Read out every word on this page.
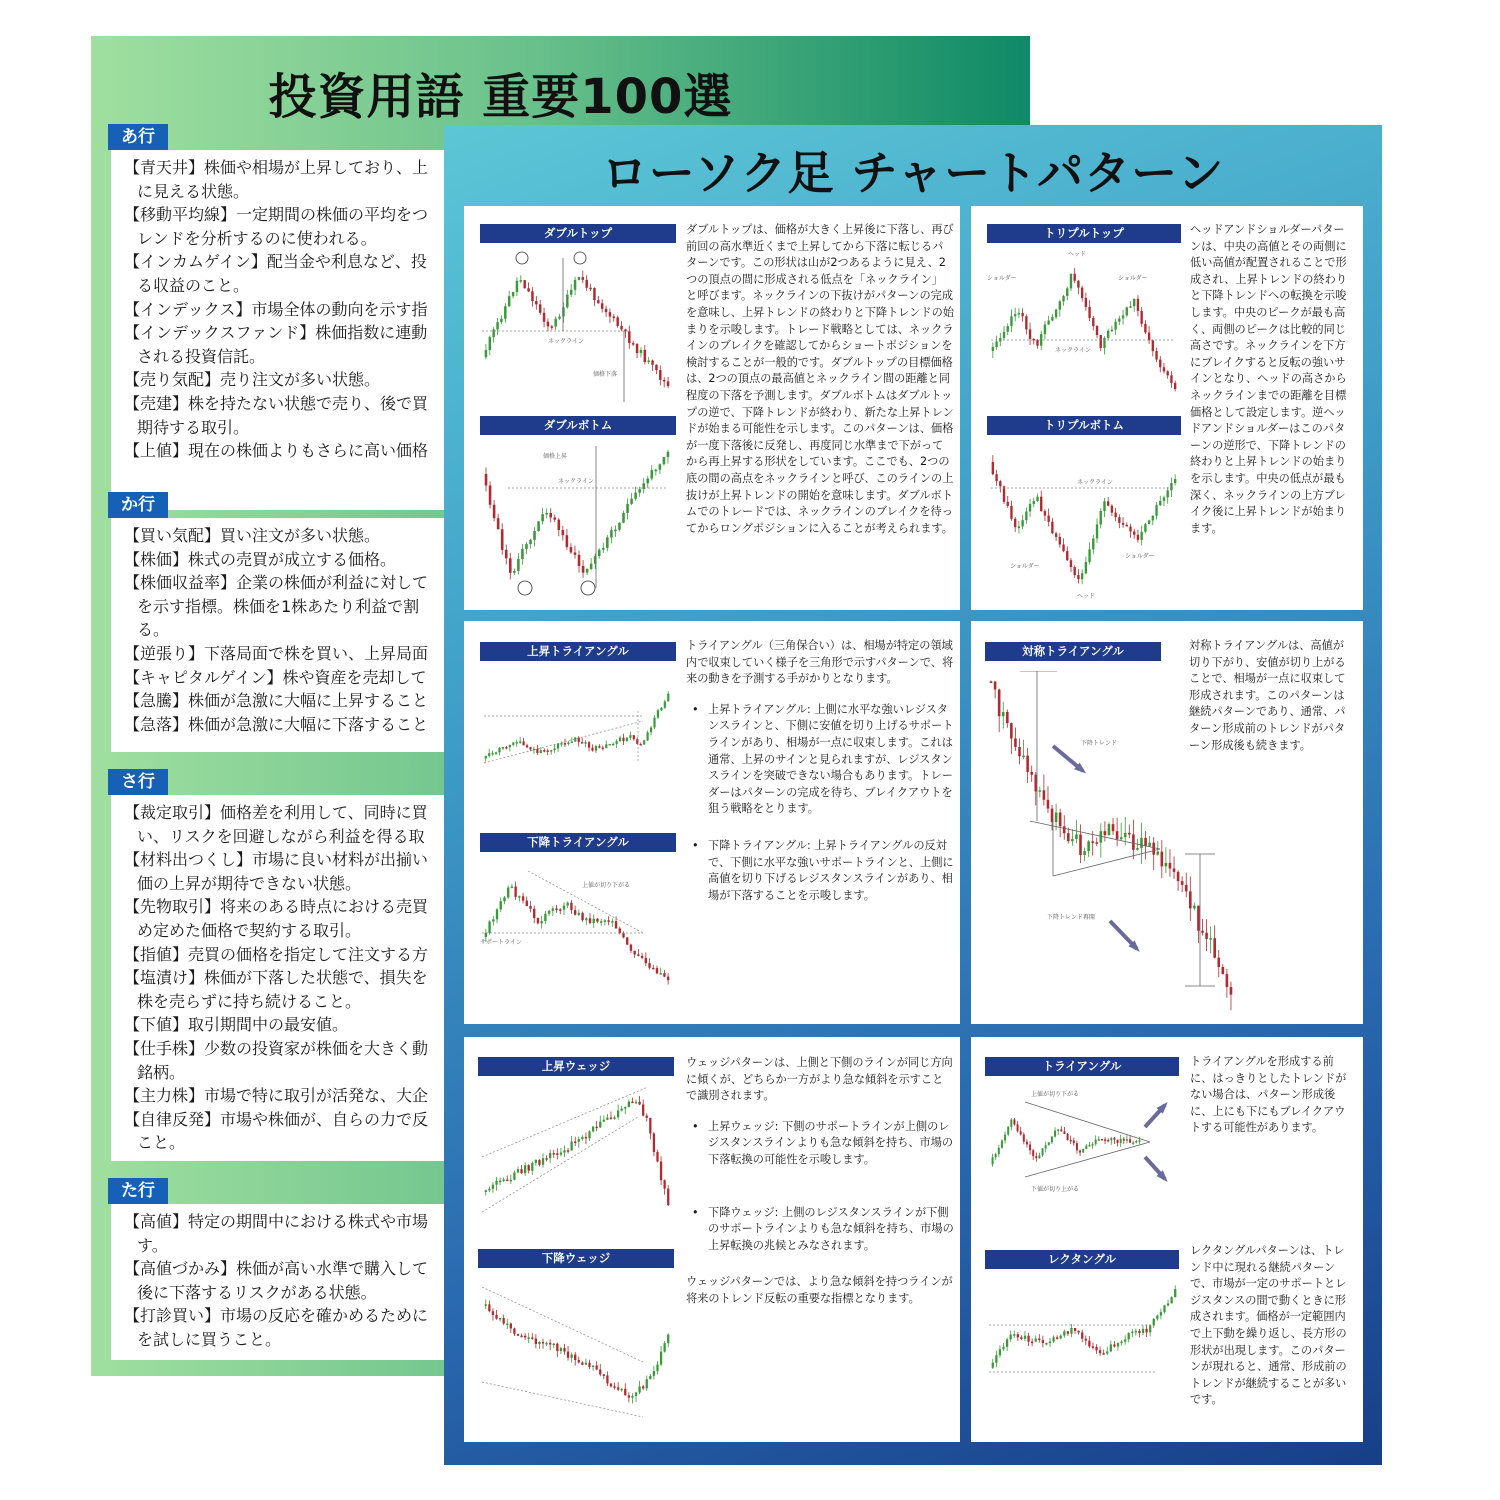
投資用語 重要100選
あ行
【青天井】株価や相場が上昇しており、上
に見える状態。
【移動平均線】一定期間の株価の平均をつ
レンドを分析するのに使われる。
【インカムゲイン】配当金や利息など、投
る収益のこと。
【インデックス】市場全体の動向を示す指
【インデックスファンド】株価指数に連動
される投資信託。
【売り気配】売り注文が多い状態。
【売建】株を持たない状態で売り、後で買
期待する取引。
【上値】現在の株価よりもさらに高い価格
か行
【買い気配】買い注文が多い状態。
【株価】株式の売買が成立する価格。
【株価収益率】企業の株価が利益に対して
を示す指標。株価を1株あたり利益で割
る。
【逆張り】下落局面で株を買い、上昇局面
【キャピタルゲイン】株や資産を売却して
【急騰】株価が急激に大幅に上昇すること
【急落】株価が急激に大幅に下落すること
さ行
【裁定取引】価格差を利用して、同時に買
い、リスクを回避しながら利益を得る取
【材料出つくし】市場に良い材料が出揃い
価の上昇が期待できない状態。
【先物取引】将来のある時点における売買
め定めた価格で契約する取引。
【指値】売買の価格を指定して注文する方
【塩漬け】株価が下落した状態で、損失を
株を売らずに持ち続けること。
【下値】取引期間中の最安値。
【仕手株】少数の投資家が株価を大きく動
銘柄。
【主力株】市場で特に取引が活発な、大企
【自律反発】市場や株価が、自らの力で反
こと。
た行
【高値】特定の期間中における株式や市場
す。
【高値づかみ】株価が高い水準で購入して
後に下落するリスクがある状態。
【打診買い】市場の反応を確かめるために
を試しに買うこと。
ローソク足 チャートパターン
ダブルトップ
ネックライン
価格下落
ダブルボトム
ネックライン
価格上昇
ダブルトップは、価格が大きく上昇後に下落し、再び前回の高水準近くまで上昇してから下落に転じるパターンです。この形状は山が2つあるように見え、2つの頂点の間に形成される低点を「ネックライン」と呼びます。ネックラインの下抜けがパターンの完成を意味し、上昇トレンドの終わりと下降トレンドの始まりを示唆します。トレード戦略としては、ネックラインのブレイクを確認してからショートポジションを検討することが一般的です。ダブルトップの目標価格は、2つの頂点の最高値とネックライン間の距離と同程度の下落を予測します。ダブルボトムはダブルトップの逆で、下降トレンドが終わり、新たな上昇トレンドが始まる可能性を示します。このパターンは、価格が一度下落後に反発し、再度同じ水準まで下がってから再上昇する形状をしています。ここでも、2つの底の間の高点をネックラインと呼び、このラインの上抜けが上昇トレンドの開始を意味します。ダブルボトムでのトレードでは、ネックラインのブレイクを待ってからロングポジションに入ることが考えられます。
トリプルトップ
ヘッド
ショルダー	ショルダー
ネックライン
トリプルボトム
ネックライン
ショルダー
ショルダー
ヘッド
ヘッドアンドショルダーパターンは、中央の高値とその両側に低い高値が配置されることで形成され、上昇トレンドの終わりと下降トレンドへの転換を示唆します。中央のピークが最も高く、両側のピークは比較的同じ高さです。ネックラインを下方にブレイクすると反転の強いサインとなり、ヘッドの高さからネックラインまでの距離を目標価格として設定します。逆ヘッドアンドショルダーはこのパターンの逆形で、下降トレンドの終わりと上昇トレンドの始まりを示します。中央の低点が最も深く、ネックラインの上方ブレイク後に上昇トレンドが始まります。
上昇トライアングル
下降トライアングル
サポートライン
上値が切り下がる
トライアングル（三角保合い）は、相場が特定の領域内で収束していく様子を三角形で示すパターンで、将来の動きを予測する手がかりとなります。
• 上昇トライアングル: 上側に水平な強いレジスタンスラインと、下側に安値を切り上げるサポートラインがあり、相場が一点に収束します。これは通常、上昇のサインと見られますが、レジスタンスラインを突破できない場合もあります。トレーダーはパターンの完成を待ち、ブレイクアウトを狙う戦略をとります。
• 下降トライアングル: 上昇トライアングルの反対で、下側に水平な強いサポートラインと、上側に高値を切り下げるレジスタンスラインがあり、相場が下落することを示唆します。
対称トライアングル
下降トレンド
下降トレンド再開
対称トライアングルは、高値が切り下がり、安値が切り上がることで、相場が一点に収束して形成されます。このパターンは継続パターンであり、通常、パターン形成前のトレンドがパターン形成後も続きます。
上昇ウェッジ
下降ウェッジ
ウェッジパターンは、上側と下側のラインが同じ方向に傾くが、どちらか一方がより急な傾斜を示すことで識別されます。
• 上昇ウェッジ: 下側のサポートラインが上側のレジスタンスラインよりも急な傾斜を持ち、市場の下落転換の可能性を示唆します。
• 下降ウェッジ: 上側のレジスタンスラインが下側のサポートラインよりも急な傾斜を持ち、市場の上昇転換の兆候とみなされます。
ウェッジパターンでは、より急な傾斜を持つラインが将来のトレンド反転の重要な指標となります。
トライアングル
上値が切り下がる
下値が切り上がる
レクタングル
トライアングルを形成する前に、はっきりとしたトレンドがない場合は、パターン形成後に、上にも下にもブレイクアウトする可能性があります。
レクタングルパターンは、トレンド中に現れる継続パターンで、市場が一定のサポートとレジスタンスの間で動くときに形成されます。価格が一定範囲内で上下動を繰り返し、長方形の形状が出現します。このパターンが現れると、通常、形成前のトレンドが継続することが多いです。
